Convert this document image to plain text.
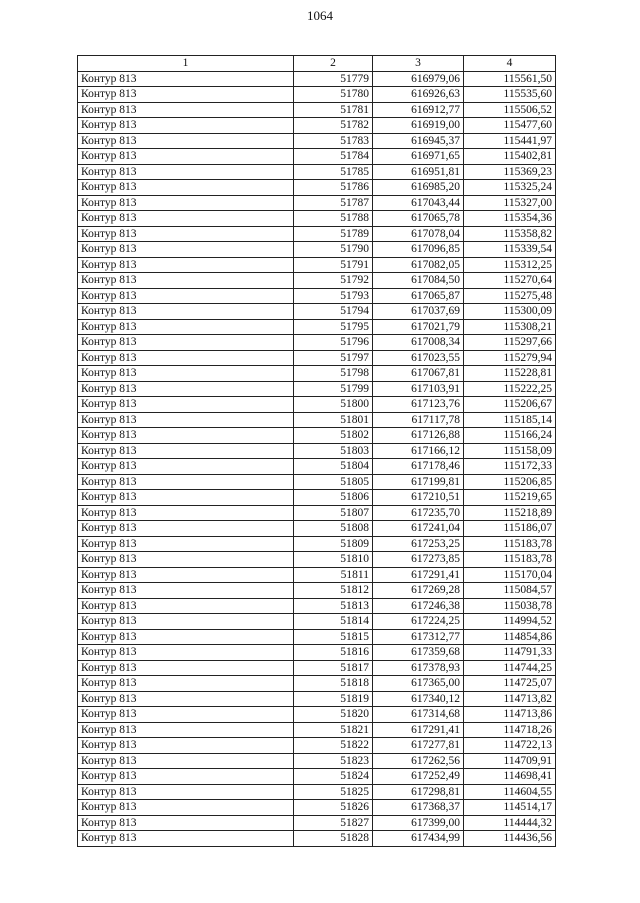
1064
1	2	3	4
Контур 813	51779	616979,06	115561,50
Контур 813	51780	616926,63	115535,60
Контур 813	51781	616912,77	115506,52
Контур 813	51782	616919,00	115477,60
Контур 813	51783	616945,37	115441,97
Контур 813	51784	616971,65	115402,81
Контур 813	51785	616951,81	115369,23
Контур 813	51786	616985,20	115325,24
Контур 813	51787	617043,44	115327,00
Контур 813	51788	617065,78	115354,36
Контур 813	51789	617078,04	115358,82
Контур 813	51790	617096,85	115339,54
Контур 813	51791	617082,05	115312,25
Контур 813	51792	617084,50	115270,64
Контур 813	51793	617065,87	115275,48
Контур 813	51794	617037,69	115300,09
Контур 813	51795	617021,79	115308,21
Контур 813	51796	617008,34	115297,66
Контур 813	51797	617023,55	115279,94
Контур 813	51798	617067,81	115228,81
Контур 813	51799	617103,91	115222,25
Контур 813	51800	617123,76	115206,67
Контур 813	51801	617117,78	115185,14
Контур 813	51802	617126,88	115166,24
Контур 813	51803	617166,12	115158,09
Контур 813	51804	617178,46	115172,33
Контур 813	51805	617199,81	115206,85
Контур 813	51806	617210,51	115219,65
Контур 813	51807	617235,70	115218,89
Контур 813	51808	617241,04	115186,07
Контур 813	51809	617253,25	115183,78
Контур 813	51810	617273,85	115183,78
Контур 813	51811	617291,41	115170,04
Контур 813	51812	617269,28	115084,57
Контур 813	51813	617246,38	115038,78
Контур 813	51814	617224,25	114994,52
Контур 813	51815	617312,77	114854,86
Контур 813	51816	617359,68	114791,33
Контур 813	51817	617378,93	114744,25
Контур 813	51818	617365,00	114725,07
Контур 813	51819	617340,12	114713,82
Контур 813	51820	617314,68	114713,86
Контур 813	51821	617291,41	114718,26
Контур 813	51822	617277,81	114722,13
Контур 813	51823	617262,56	114709,91
Контур 813	51824	617252,49	114698,41
Контур 813	51825	617298,81	114604,55
Контур 813	51826	617368,37	114514,17
Контур 813	51827	617399,00	114444,32
Контур 813	51828	617434,99	114436,56
